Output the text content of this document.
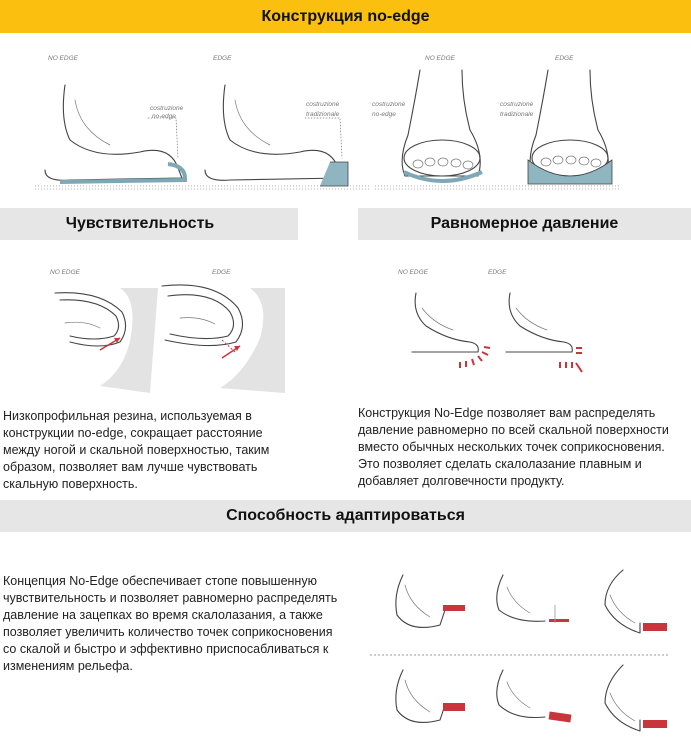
Конструкция no-edge
NO EDGE	EDGE	NO EDGE	EDGE
costruzione
no-edge
costruzione
tradizionale
costruzione
no-edge
costruzione
tradizionale
Чувствительность	Равномерное давление
NO EDGE	EDGE	NO EDGE	EDGE
Низкопрофильная резина, используемая в
конструкции no-edge, сокращает расстояние
между ногой и скальной поверхностью, таким
образом, позволяет вам лучше чувствовать
скальную поверхность.
Конструкция No-Edge позволяет вам распределять
давление равномерно по всей скальной поверхности
вместо обычных нескольких точек соприкосновения.
Это позволяет сделать скалолазание плавным и
добавляет долговечности продукту.
Способность адаптироваться
Концепция No-Edge обеспечивает стопе повышенную
чувствительность и позволяет равномерно распределять
давление на зацепках во время скалолазания, а также
позволяет увеличить количество точек соприкосновения
со скалой и быстро и эффективно приспосабливаться к
изменениям рельефа.
